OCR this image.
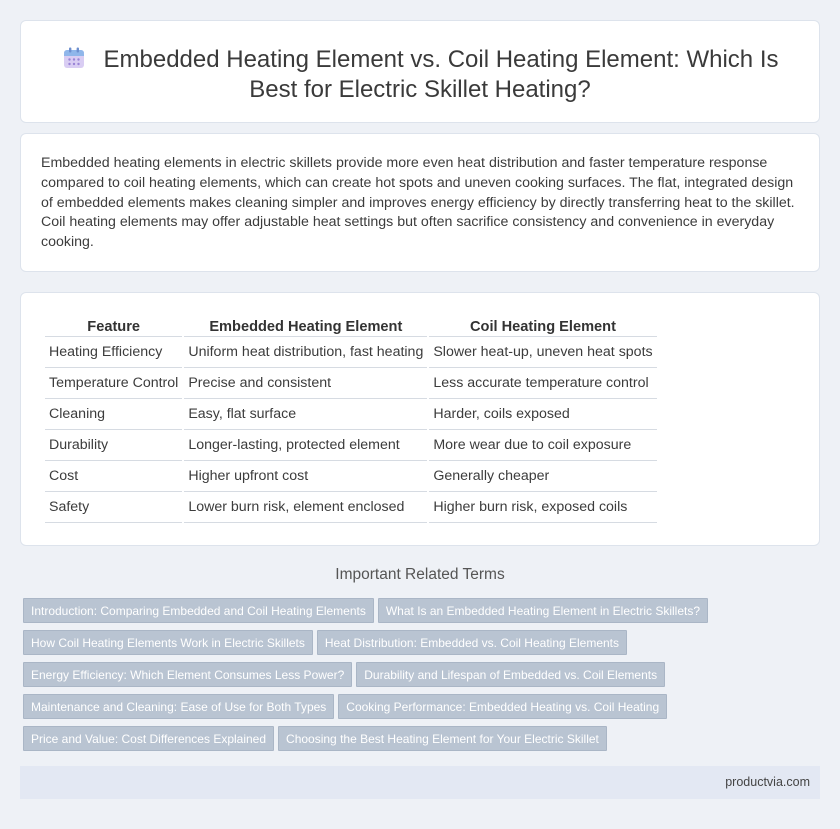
Embedded Heating Element vs. Coil Heating Element: Which Is Best for Electric Skillet Heating?

Embedded heating elements in electric skillets provide more even heat distribution and faster temperature response compared to coil heating elements, which can create hot spots and uneven cooking surfaces. The flat, integrated design of embedded elements makes cleaning simpler and improves energy efficiency by directly transferring heat to the skillet. Coil heating elements may offer adjustable heat settings but often sacrifice consistency and convenience in everyday cooking.

Feature	Embedded Heating Element	Coil Heating Element
Heating Efficiency	Uniform heat distribution, fast heating	Slower heat-up, uneven heat spots
Temperature Control	Precise and consistent	Less accurate temperature control
Cleaning	Easy, flat surface	Harder, coils exposed
Durability	Longer-lasting, protected element	More wear due to coil exposure
Cost	Higher upfront cost	Generally cheaper
Safety	Lower burn risk, element enclosed	Higher burn risk, exposed coils
Important Related Terms
Introduction: Comparing Embedded and Coil Heating Elements What Is an Embedded Heating Element in Electric Skillets?
How Coil Heating Elements Work in Electric Skillets Heat Distribution: Embedded vs. Coil Heating Elements
Energy Efficiency: Which Element Consumes Less Power? Durability and Lifespan of Embedded vs. Coil Elements
Maintenance and Cleaning: Ease of Use for Both Types Cooking Performance: Embedded Heating vs. Coil Heating
Price and Value: Cost Differences Explained Choosing the Best Heating Element for Your Electric Skillet
productvia.com
